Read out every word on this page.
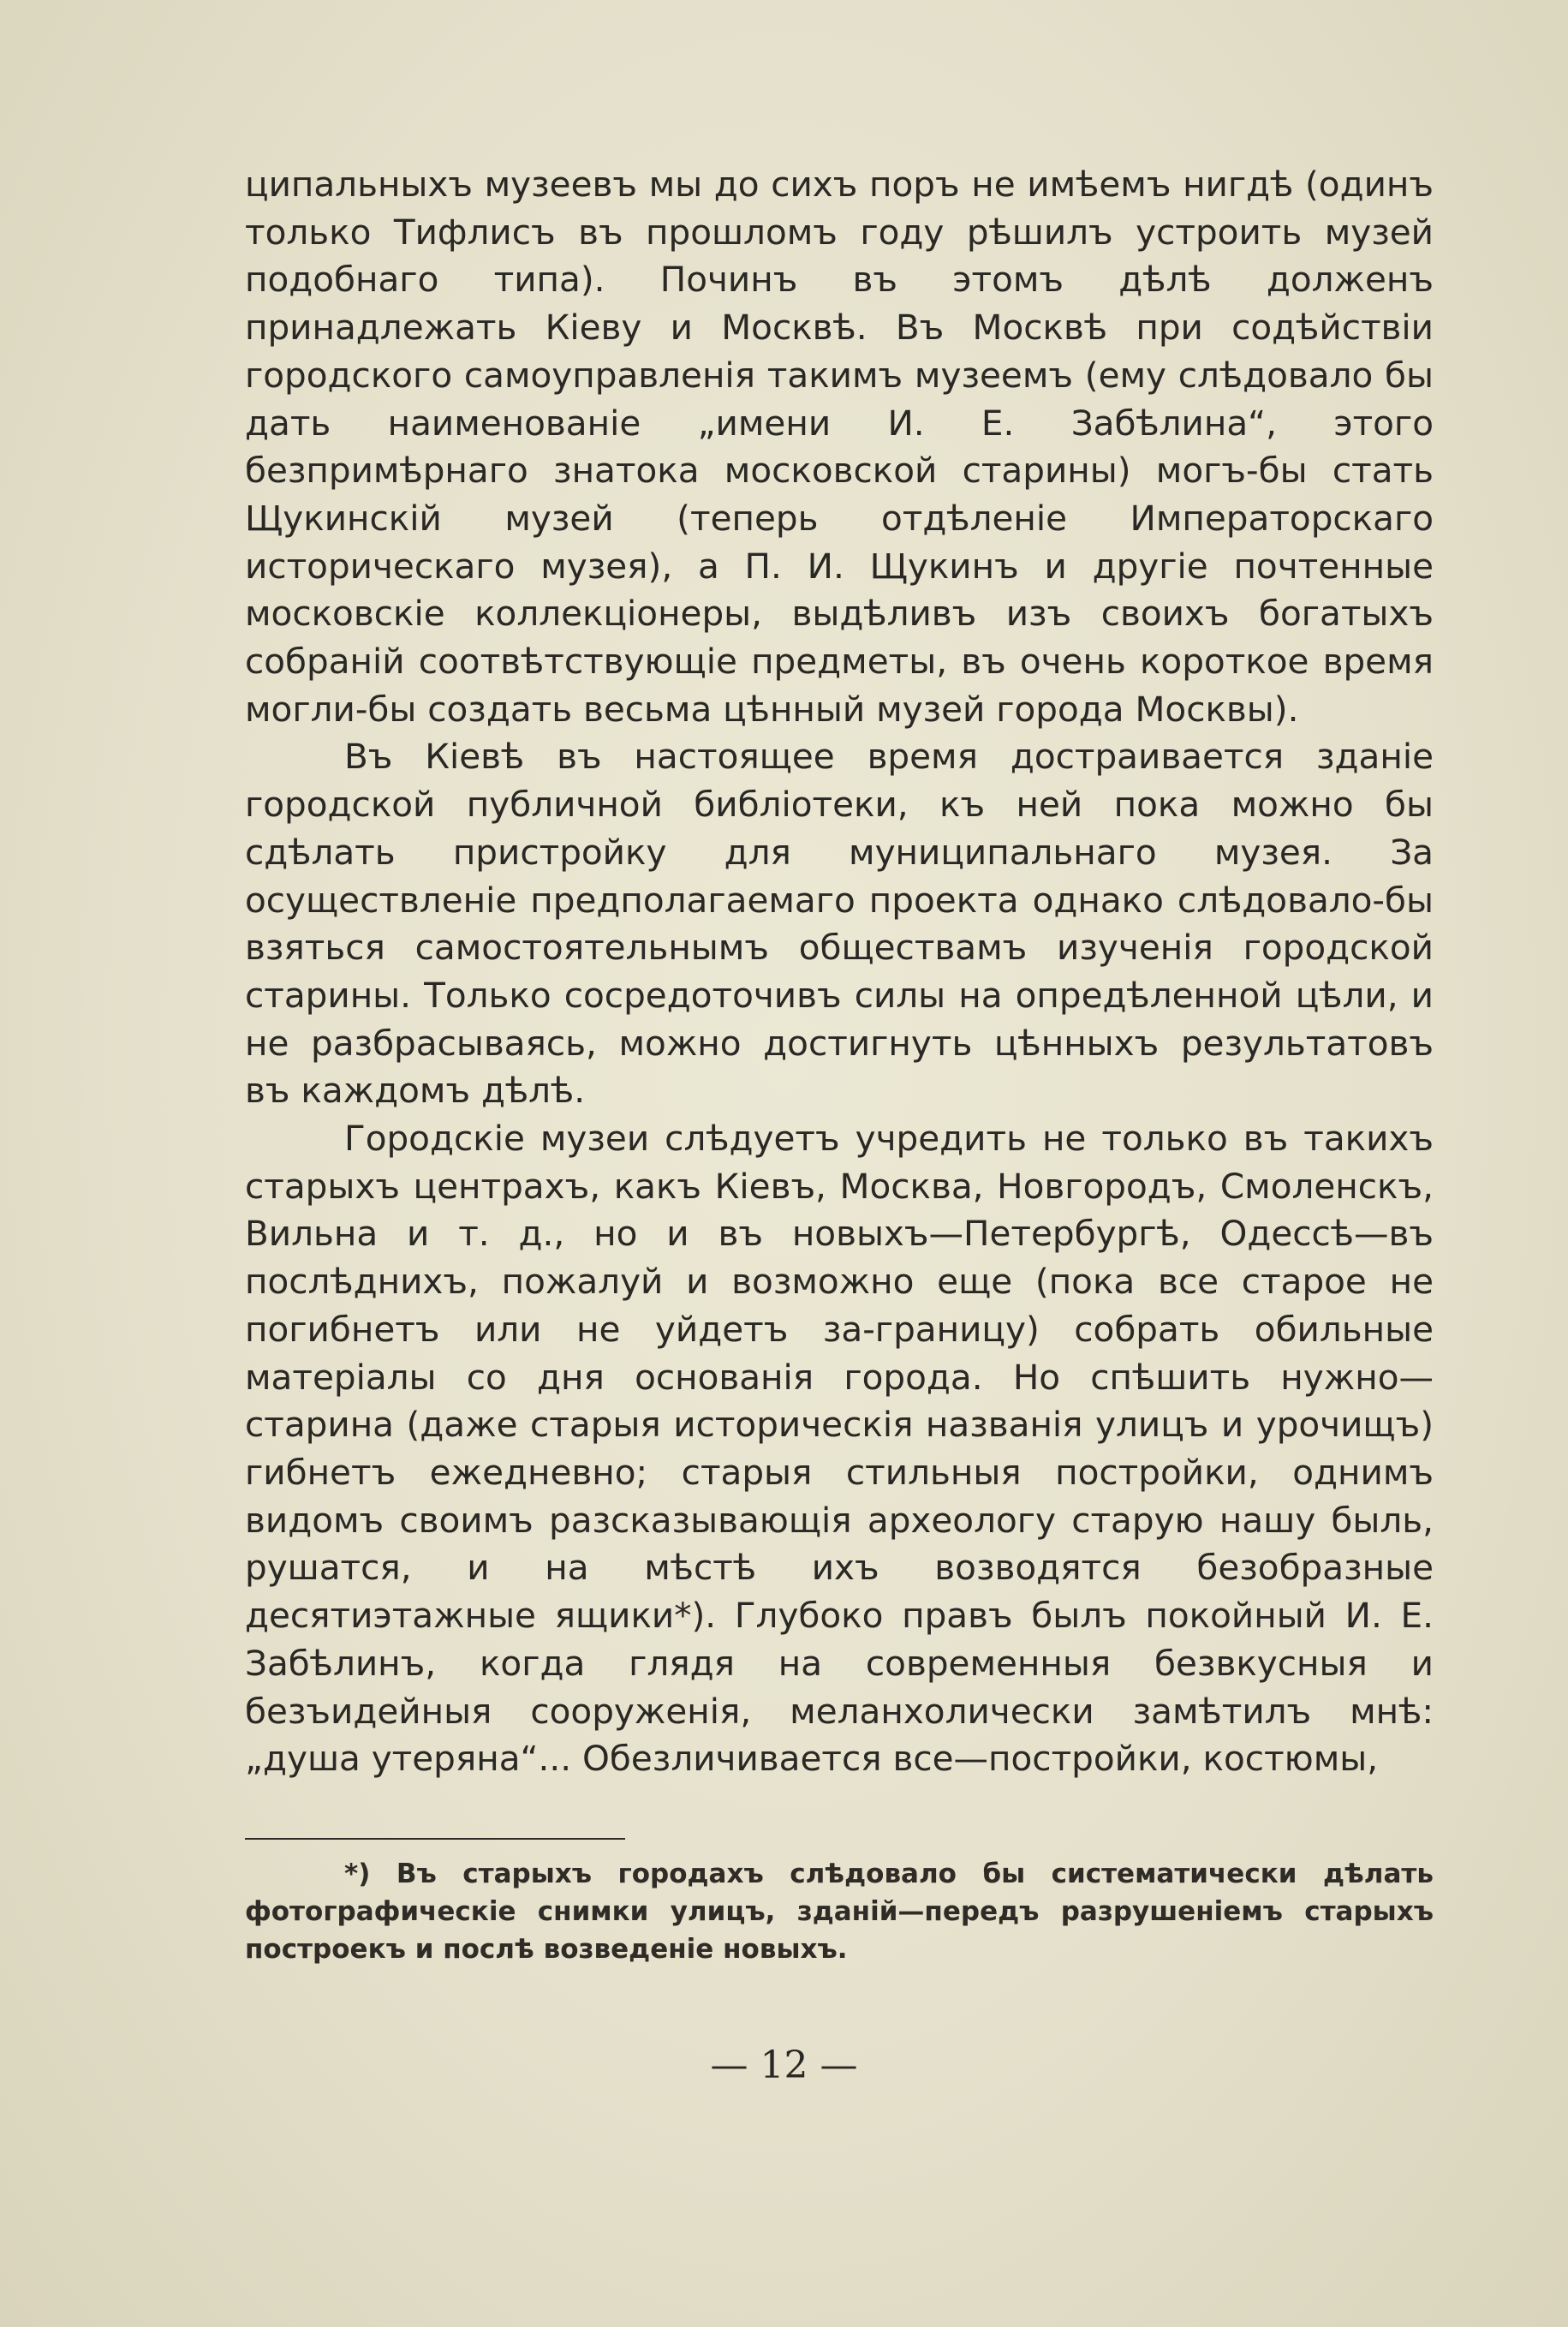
ципальныхъ музеевъ мы до сихъ поръ не имѣемъ нигдѣ (одинъ только Тифлисъ въ прошломъ году рѣшилъ устроить музей подобнаго типа). Починъ въ этомъ дѣлѣ долженъ принадлежать Кіеву и Москвѣ. Въ Москвѣ при содѣйствіи городского самоуправленія такимъ музеемъ (ему слѣдовало бы дать наименованіе „имени И. Е. Забѣлина“, этого безпримѣрнаго знатока московской старины) могъ-бы стать Щукинскій музей (теперь отдѣленіе Императорскаго историческаго музея), а П. И. Щукинъ и другіе почтенные московскіе коллекціонеры, выдѣливъ изъ своихъ богатыхъ собраній соотвѣтствующіе предметы, въ очень короткое время могли-бы создать весьма цѣнный музей города Москвы).

Въ Кіевѣ въ настоящее время достраивается зданіе городской публичной библіотеки, къ ней пока можно бы сдѣлать пристройку для муниципальнаго музея. За осуществленіе предполагаемаго проекта однако слѣдовало-бы взяться самостоятельнымъ обществамъ изученія городской старины. Только сосредоточивъ силы на опредѣленной цѣли, и не разбрасываясь, можно достигнуть цѣнныхъ результатовъ въ каждомъ дѣлѣ.

Городскіе музеи слѣдуетъ учредить не только въ такихъ старыхъ центрахъ, какъ Кіевъ, Москва, Новгородъ, Смоленскъ, Вильна и т. д., но и въ новыхъ—Петербургѣ, Одессѣ—въ послѣднихъ, пожалуй и возможно еще (пока все старое не погибнетъ или не уйдетъ за-границу) собрать обильные матеріалы со дня основанія города. Но спѣшить нужно—старина (даже старыя историческія названія улицъ и урочищъ) гибнетъ ежедневно; старыя стильныя постройки, однимъ видомъ своимъ разсказывающія археологу старую нашу быль, рушатся, и на мѣстѣ ихъ возводятся безобразные десятиэтажные ящики*). Глубоко правъ былъ покойный И. Е. Забѣлинъ, когда глядя на современныя безвкусныя и безъидейныя сооруженія, меланхолически замѣтилъ мнѣ: „душа утеряна“... Обезличивается все—постройки, костюмы,

*) Въ старыхъ городахъ слѣдовало бы систематически дѣлать фотографическіе снимки улицъ, зданій—передъ разрушеніемъ старыхъ построекъ и послѣ возведеніе новыхъ.
— 12 —
